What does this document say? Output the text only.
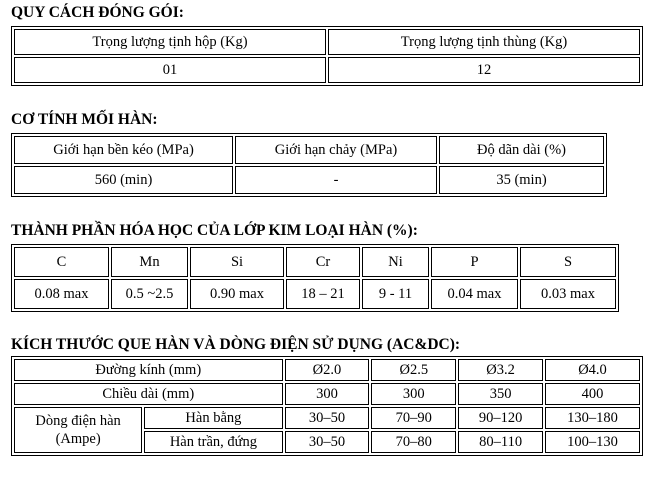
QUY CÁCH ĐÓNG GÓI:
Trọng lượng tịnh hộp (Kg)	Trọng lượng tịnh thùng (Kg)
01	12
CƠ TÍNH MỐI HÀN:
Giới hạn bền kéo (MPa)	Giới hạn chảy (MPa)	Độ dãn dài (%)
560 (min)	-	35 (min)
THÀNH PHẦN HÓA HỌC CỦA LỚP KIM LOẠI HÀN (%):
C	Mn	Si	Cr	Ni	P	S
0.08 max	0.5 ~2.5	0.90 max	18 – 21	9 - 11	0.04 max	0.03 max
KÍCH THƯỚC QUE HÀN VÀ DÒNG ĐIỆN SỬ DỤNG (AC&DC):
Đường kính (mm)		Ø2.0	Ø2.5	Ø3.2	Ø4.0
Chiều dài (mm)		300	300	350	400

Dòng điện hàn
(Ampe)	Hàn bằng	30–50	70–90	90–120	130–180
	Hàn trần, đứng	30–50	70–80	80–110	100–130
